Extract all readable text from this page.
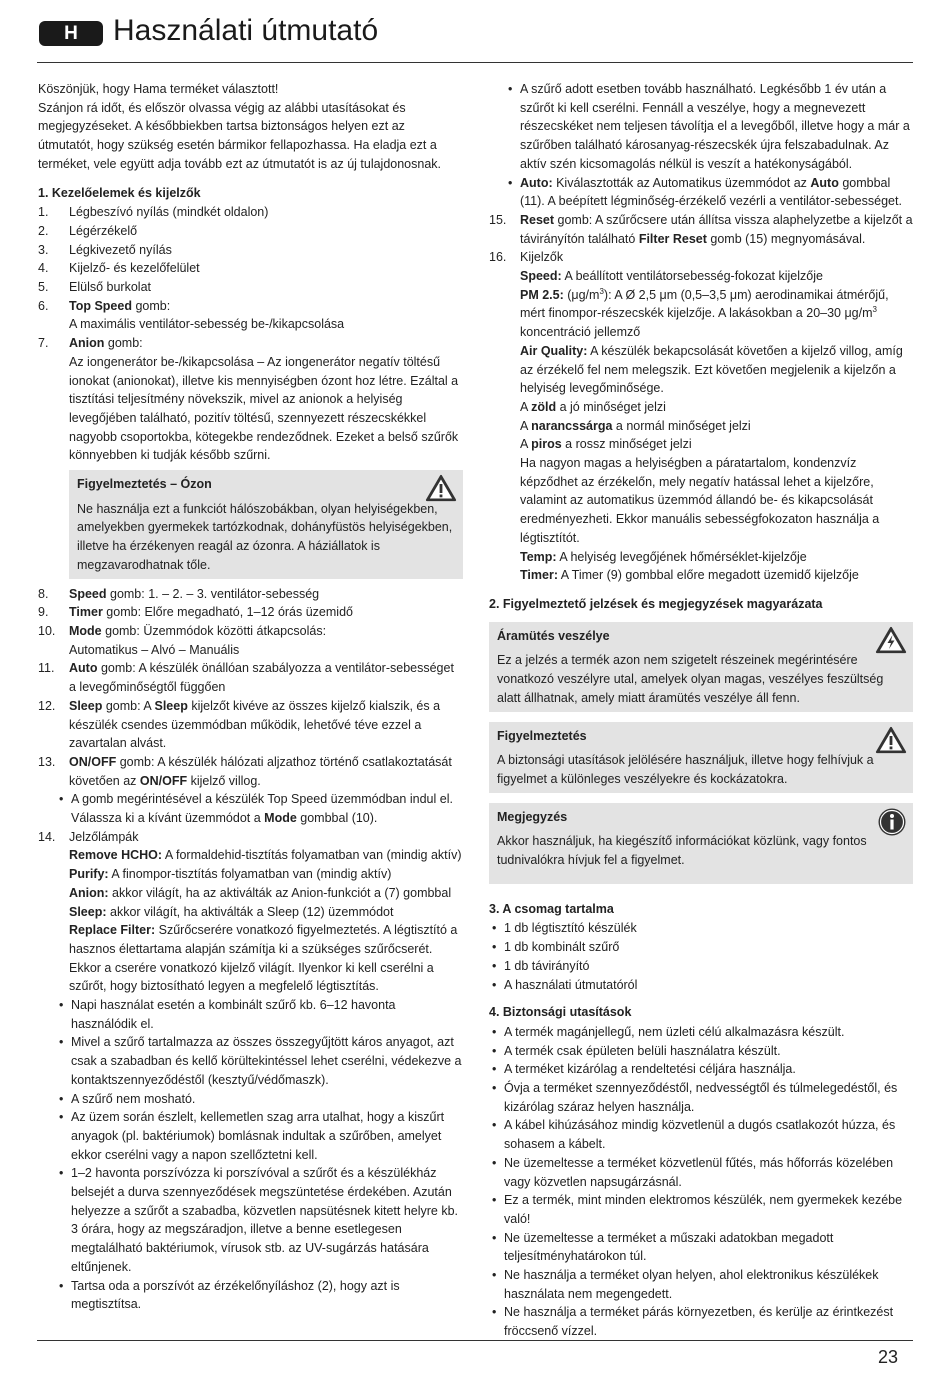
H	Használati útmutató

Köszönjük, hogy Hama terméket választott!
Szánjon rá időt, és először olvassa végig az alábbi utasításokat és megjegyzéseket. A későbbiekben tartsa biztonságos helyen ezt az útmutatót, hogy szükség esetén bármikor fellapozhassa. Ha eladja ezt a terméket, vele együtt adja tovább ezt az útmutatót is az új tulajdonosnak.

1. Kezelőelemek és kijelzők

1. Légbeszívó nyílás (mindkét oldalon)
2. Légérzékelő
3. Légkivezető nyílás
4. Kijelző- és kezelőfelület
5. Elülső burkolat
6. Top Speed gomb:
A maximális ventilátor-sebesség be-/kikapcsolása
7. Anion gomb:
Az iongenerátor be-/kikapcsolása – Az iongenerátor negatív töltésű ionokat (anionokat), illetve kis mennyiségben ózont hoz létre. Ezáltal a tisztítási teljesítmény növekszik, mivel az anionok a helyiség levegőjében található, pozitív töltésű, szennyezett részecskékkel nagyobb csoportokba, kötegekbe rendeződnek. Ezeket a belső szűrők könnyebben ki tudják később szűrni.
Figyelmeztetés – Ózon

Ne használja ezt a funkciót hálószobákban, olyan helyiségekben, amelyekben gyermekek tartózkodnak, dohányfüstös helyiségekben, illetve ha érzékenyen reagál az ózonra. A háziállatok is megzavarodhatnak tőle.

8. Speed gomb: 1. – 2. – 3. ventilátor-sebesség
9. Timer gomb: Előre megadható, 1–12 órás üzemidő
10. Mode gomb: Üzemmódok közötti átkapcsolás:
Automatikus – Alvó – Manuális
11. Auto gomb: A készülék önállóan szabályozza a ventilátor-sebességet a levegőminőségtől függően
12. Sleep gomb: A Sleep kijelzőt kivéve az összes kijelző kialszik, és a készülék csendes üzemmódban működik, lehetővé téve ezzel a zavartalan alvást.
13. ON/OFF gomb: A készülék hálózati aljzathoz történő csatlakoztatását követően az ON/OFF kijelző villog.
• A gomb megérintésével a készülék Top Speed üzemmódban indul el. Válassza ki a kívánt üzemmódot a Mode gombbal (10).
14. Jelzőlámpák
Remove HCHO: A formaldehid-tisztítás folyamatban van (mindig aktív)
Purify: A finompor-tisztítás folyamatban van (mindig aktív)
Anion: akkor világít, ha az aktiválták az Anion-funkciót a (7) gombbal
Sleep: akkor világít, ha aktiválták a Sleep (12) üzemmódot
Replace Filter: Szűrőcserére vonatkozó figyelmeztetés. A légtisztító a hasznos élettartama alapján számítja ki a szükséges szűrőcserét. Ekkor a cserére vonatkozó kijelző világít. Ilyenkor ki kell cserélni a szűrőt, hogy biztosítható legyen a megfelelő légtisztítás.
• Napi használat esetén a kombinált szűrő kb. 6–12 havonta használódik el.
• Mivel a szűrő tartalmazza az összes összegyűjtött káros anyagot, azt csak a szabadban és kellő körültekintéssel lehet cserélni, védekezve a kontaktszennyeződéstől (kesztyű/védőmaszk).
• A szűrő nem mosható.
• Az üzem során észlelt, kellemetlen szag arra utalhat, hogy a kiszűrt anyagok (pl. baktériumok) bomlásnak indultak a szűrőben, amelyet ekkor cserélni vagy a napon szellőztetni kell.
• 1–2 havonta porszívózza ki porszívóval a szűrőt és a készülékház belsejét a durva szennyeződések megszüntetése érdekében. Azután helyezze a szűrőt a szabadba, közvetlen napsütésnek kitett helyre kb. 3 órára, hogy az megszáradjon, illetve a benne esetlegesen megtalálható baktériumok, vírusok stb. az UV-sugárzás hatására eltűnjenek.
• Tartsa oda a porszívót az érzékelőnyíláshoz (2), hogy azt is megtisztítsa.
• A szűrő adott esetben tovább használható. Legkésőbb 1 év után a szűrőt ki kell cserélni. Fennáll a veszélye, hogy a megnevezett részecskéket nem teljesen távolítja el a levegőből, illetve hogy a már a szűrőben található károsanyag-részecskék újra felszabadulnak. Az aktív szén kicsomagolás nélkül is veszít a hatékonyságából.
• Auto: Kiválasztották az Automatikus üzemmódot az Auto gombbal (11). A beépített légminőség-érzékelő vezérli a ventilátor-sebességet.
15. Reset gomb: A szűrőcsere után állítsa vissza alaphelyzetbe a kijelzőt a távirányítón található Filter Reset gomb (15) megnyomásával.
16. Kijelzők
Speed: A beállított ventilátorsebesség-fokozat kijelzője
PM 2.5: $(\mu g/m^3)$: A Ø 2,5 μm (0,5–3,5 μm) aerodinamikai átmérőjű, mért finompor-részecskék kijelzője. A lakásokban a 20–30 $\mu g/m^3$ koncentráció jellemző
Air Quality: A készülék bekapcsolását követően a kijelző villog, amíg az érzékelő fel nem melegszik. Ezt követően megjelenik a kijelzőn a helyiség levegőminősége.
A zöld a jó minőséget jelzi
A narancssárga a normál minőséget jelzi
A piros a rossz minőséget jelzi
Ha nagyon magas a helyiségben a páratartalom, kondenzvíz képződhet az érzékelőn, mely negatív hatással lehet a kijelzőre, valamint az automatikus üzemmód állandó be- és kikapcsolását eredményezheti. Ekkor manuális sebességfokozaton használja a légtisztítót.
Temp: A helyiség levegőjének hőmérséklet-kijelzője
Timer: A Timer (9) gombbal előre megadott üzemidő kijelzője

2. Figyelmeztető jelzések és megjegyzések magyarázata

Áramütés veszélye

Ez a jelzés a termék azon nem szigetelt részeinek megérintésére vonatkozó veszélyre utal, amelyek olyan magas, veszélyes feszültség alatt állhatnak, amely miatt áramütés veszélye áll fenn.

Figyelmeztetés

A biztonsági utasítások jelölésére használjuk, illetve hogy felhívjuk a figyelmet a különleges veszélyekre és kockázatokra.

Megjegyzés

Akkor használjuk, ha kiegészítő információkat közlünk, vagy fontos tudnivalókra hívjuk fel a figyelmet.

3. A csomag tartalma

• 1 db légtisztító készülék
• 1 db kombinált szűrő
• 1 db távirányító
• A használati útmutatóról

4. Biztonsági utasítások

• A termék magánjellegű, nem üzleti célú alkalmazásra készült.
• A termék csak épületen belüli használatra készült.
• A terméket kizárólag a rendeltetési céljára használja.
• Óvja a terméket szennyeződéstől, nedvességtől és túlmelegedéstől, és kizárólag száraz helyen használja.
• A kábel kihúzásához mindig közvetlenül a dugós csatlakozót húzza, és sohasem a kábelt.
• Ne üzemeltesse a terméket közvetlenül fűtés, más hőforrás közelében vagy közvetlen napsugárzásnál.
• Ez a termék, mint minden elektromos készülék, nem gyermekek kezébe való!
• Ne üzemeltesse a terméket a műszaki adatokban megadott teljesítményhatárokon túl.
• Ne használja a terméket olyan helyen, ahol elektronikus készülékek használata nem megengedett.
• Ne használja a terméket párás környezetben, és kerülje az érintkezést fröccsenő vízzel.
23
